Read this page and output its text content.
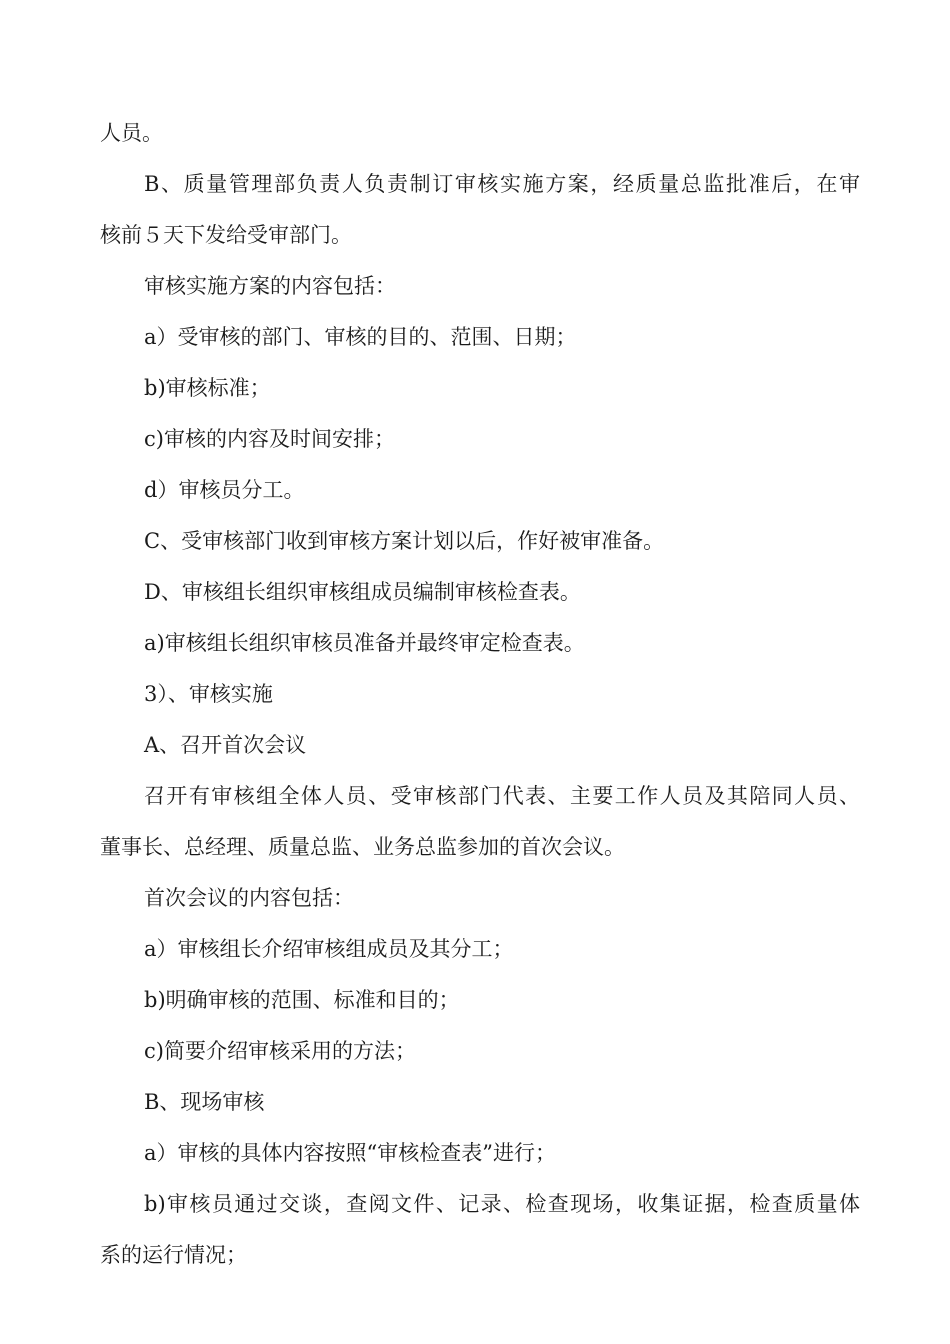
人员。

B、质量管理部负责人负责制订审核实施方案，经质量总监批准后，在审

核前５天下发给受审部门。

审核实施方案的内容包括：

a）受审核的部门、审核的目的、范围、日期；

b)审核标准；

c)审核的内容及时间安排；

d）审核员分工。

C、受审核部门收到审核方案计划以后，作好被审准备。

D、审核组长组织审核组成员编制审核检查表。

a)审核组长组织审核员准备并最终审定检查表。

3）、审核实施

A、召开首次会议

召开有审核组全体人员、受审核部门代表、主要工作人员及其陪同人员、

董事长、总经理、质量总监、业务总监参加的首次会议。

首次会议的内容包括：

a）审核组长介绍审核组成员及其分工；

b)明确审核的范围、标准和目的；

c)简要介绍审核采用的方法；

B、现场审核

a）审核的具体内容按照“审核检查表”进行；

b)审核员通过交谈，查阅文件、记录、检查现场，收集证据，检查质量体

系的运行情况；
